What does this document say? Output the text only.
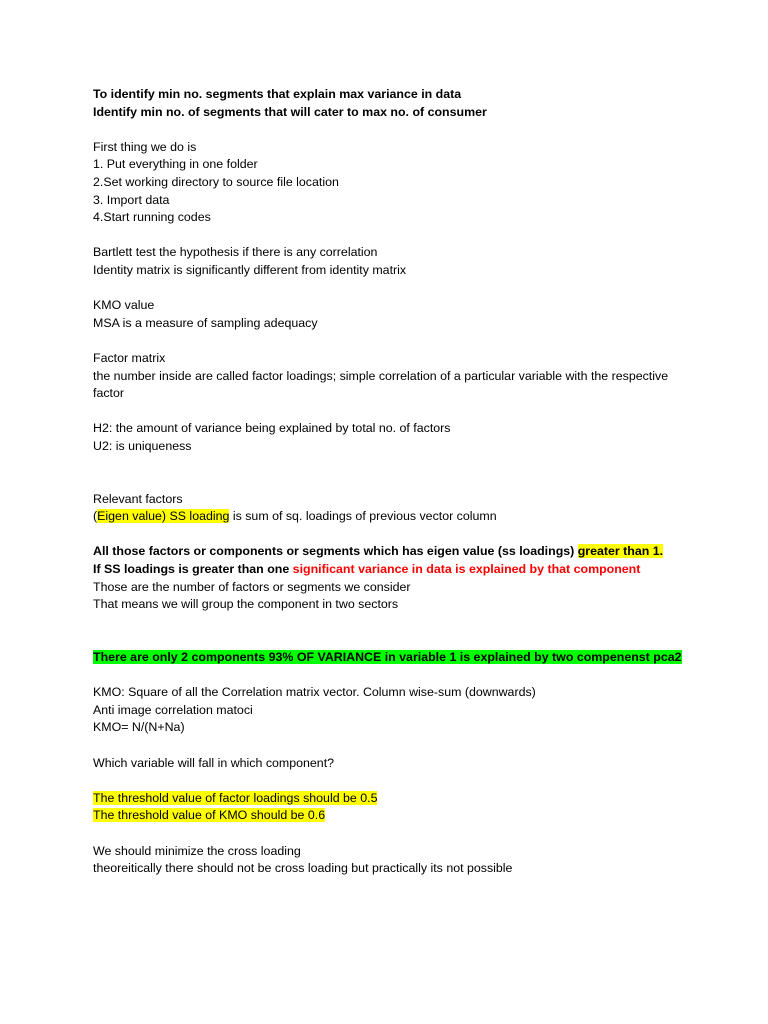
To identify min no. segments that explain max variance in data

Identify min no. of segments that will cater to max no. of consumer

First thing we do is

1. Put everything in one folder

2.Set working directory to source file location

3. Import data

4.Start running codes

Bartlett test the hypothesis if there is any correlation

Identity matrix is significantly different from identity matrix

KMO value

MSA is a measure of sampling adequacy

Factor matrix

the number inside are called factor loadings; simple correlation of a particular variable with the respective factor

H2: the amount of variance being explained by total no. of factors

U2: is uniqueness

Relevant factors

(Eigen value) SS loading is sum of sq. loadings of previous vector column

All those factors or components or segments which has eigen value (ss loadings) greater than 1.

If SS loadings is greater than one significant variance in data is explained by that component

Those are the number of factors or segments we consider

That means we will group the component in two sectors

There are only 2 components 93% OF VARIANCE in variable 1 is explained by two compenenst pca2

KMO: Square of all the Correlation matrix vector. Column wise-sum (downwards)

Anti image correlation matoci

KMO= N/(N+Na)

Which variable will fall in which component?

The threshold value of factor loadings should be 0.5

The threshold value of KMO should be 0.6

We should minimize the cross loading

theoreitically there should not be cross loading but practically its not possible
